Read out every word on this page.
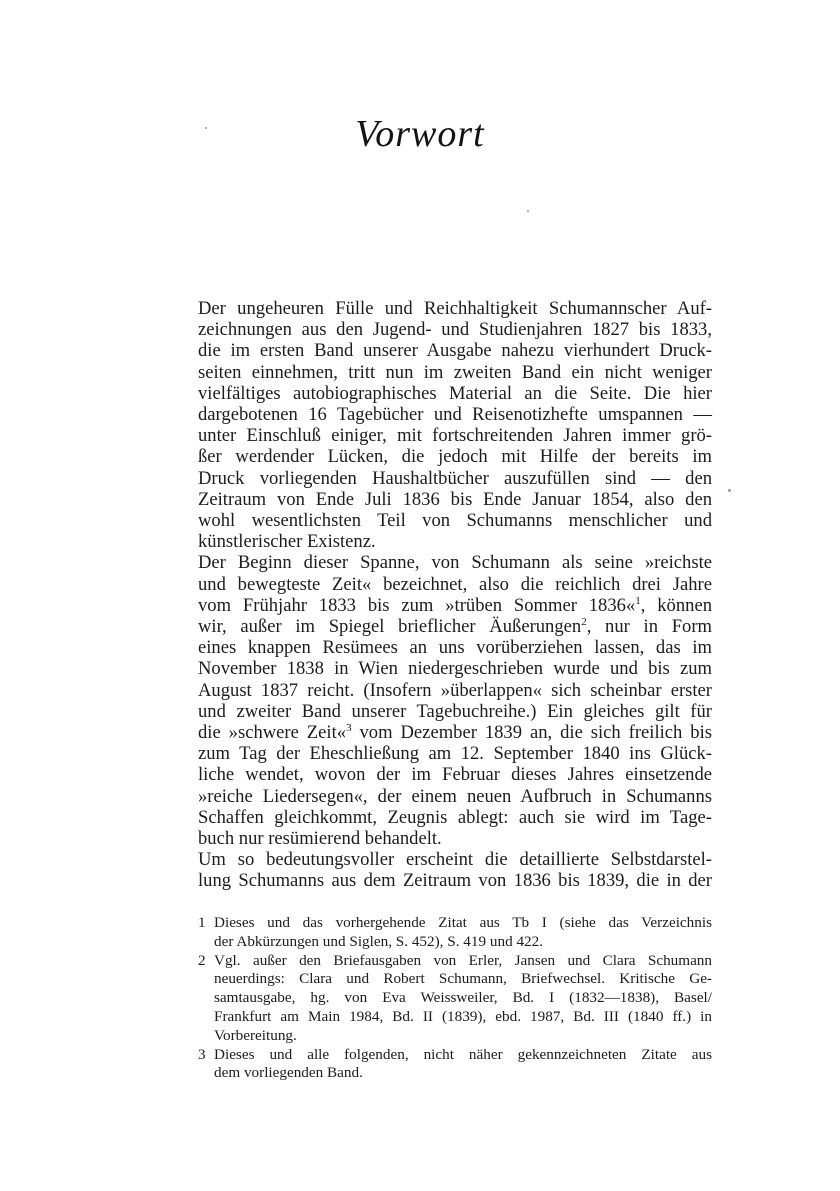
Vorwort
Der ungeheuren Fülle und Reichhaltigkeit Schumannscher Auf-
zeichnungen aus den Jugend- und Studienjahren 1827 bis 1833,
die im ersten Band unserer Ausgabe nahezu vierhundert Druck-
seiten einnehmen, tritt nun im zweiten Band ein nicht weniger
vielfältiges autobiographisches Material an die Seite. Die hier
dargebotenen 16 Tagebücher und Reisenotizhefte umspannen —
unter Einschluß einiger, mit fortschreitenden Jahren immer grö-
ßer werdender Lücken, die jedoch mit Hilfe der bereits im
Druck vorliegenden Haushaltbücher auszufüllen sind — den
Zeitraum von Ende Juli 1836 bis Ende Januar 1854, also den
wohl wesentlichsten Teil von Schumanns menschlicher und
künstlerischer Existenz.
Der Beginn dieser Spanne, von Schumann als seine »reichste
und bewegteste Zeit« bezeichnet, also die reichlich drei Jahre
vom Frühjahr 1833 bis zum »trüben Sommer 1836«$^1$, können
wir, außer im Spiegel brieflicher Äußerungen$^2$, nur in Form
eines knappen Resümees an uns vorüberziehen lassen, das im
November 1838 in Wien niedergeschrieben wurde und bis zum
August 1837 reicht. (Insofern »überlappen« sich scheinbar erster
und zweiter Band unserer Tagebuchreihe.) Ein gleiches gilt für
die »schwere Zeit«$^3$ vom Dezember 1839 an, die sich freilich bis
zum Tag der Eheschließung am 12. September 1840 ins Glück-
liche wendet, wovon der im Februar dieses Jahres einsetzende
»reiche Liedersegen«, der einem neuen Aufbruch in Schumanns
Schaffen gleichkommt, Zeugnis ablegt: auch sie wird im Tage-
buch nur resümierend behandelt.
Um so bedeutungsvoller erscheint die detaillierte Selbstdarstel-
lung Schumanns aus dem Zeitraum von 1836 bis 1839, die in der
1 Dieses und das vorhergehende Zitat aus Tb I (siehe das Verzeichnis
der Abkürzungen und Siglen, S. 452), S. 419 und 422.
2 Vgl. außer den Briefausgaben von Erler, Jansen und Clara Schumann
neuerdings: Clara und Robert Schumann, Briefwechsel. Kritische Ge-
samtausgabe, hg. von Eva Weissweiler, Bd. I (1832—1838), Basel/
Frankfurt am Main 1984, Bd. II (1839), ebd. 1987, Bd. III (1840 ff.) in
Vorbereitung.
3 Dieses und alle folgenden, nicht näher gekennzeichneten Zitate aus
dem vorliegenden Band.
